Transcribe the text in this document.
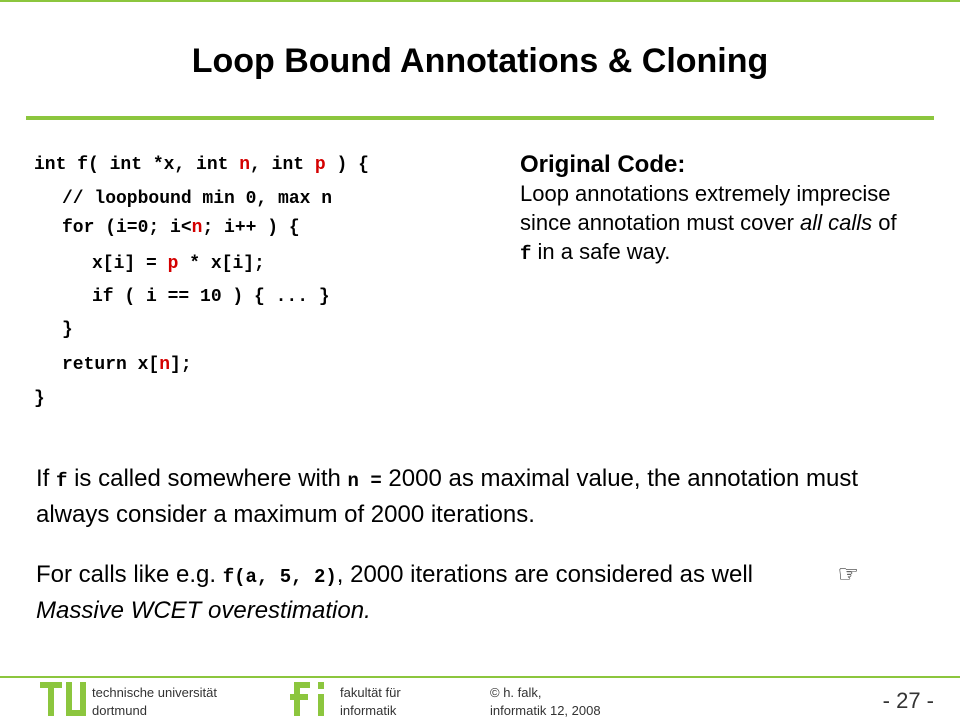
Loop Bound Annotations & Cloning
int f( int *x, int n, int p ) {
// loopbound min 0, max n
for (i=0; i<n; i++ ) {
x[i] = p * x[i];
if ( i == 10 ) { ... }
}
return x[n];
}
Original Code:
Loop annotations extremely imprecise since annotation must cover all calls of f in a safe way.
If f is called somewhere with n = 2000 as maximal value, the annotation must always consider a maximum of 2000 iterations.
For calls like e.g. f(a, 5, 2), 2000 iterations are considered as well	☞Massive WCET overestimation.
technische universität
dortmund
fakultät für
informatik
© h. falk,
informatik 12, 2008	- 27 -
